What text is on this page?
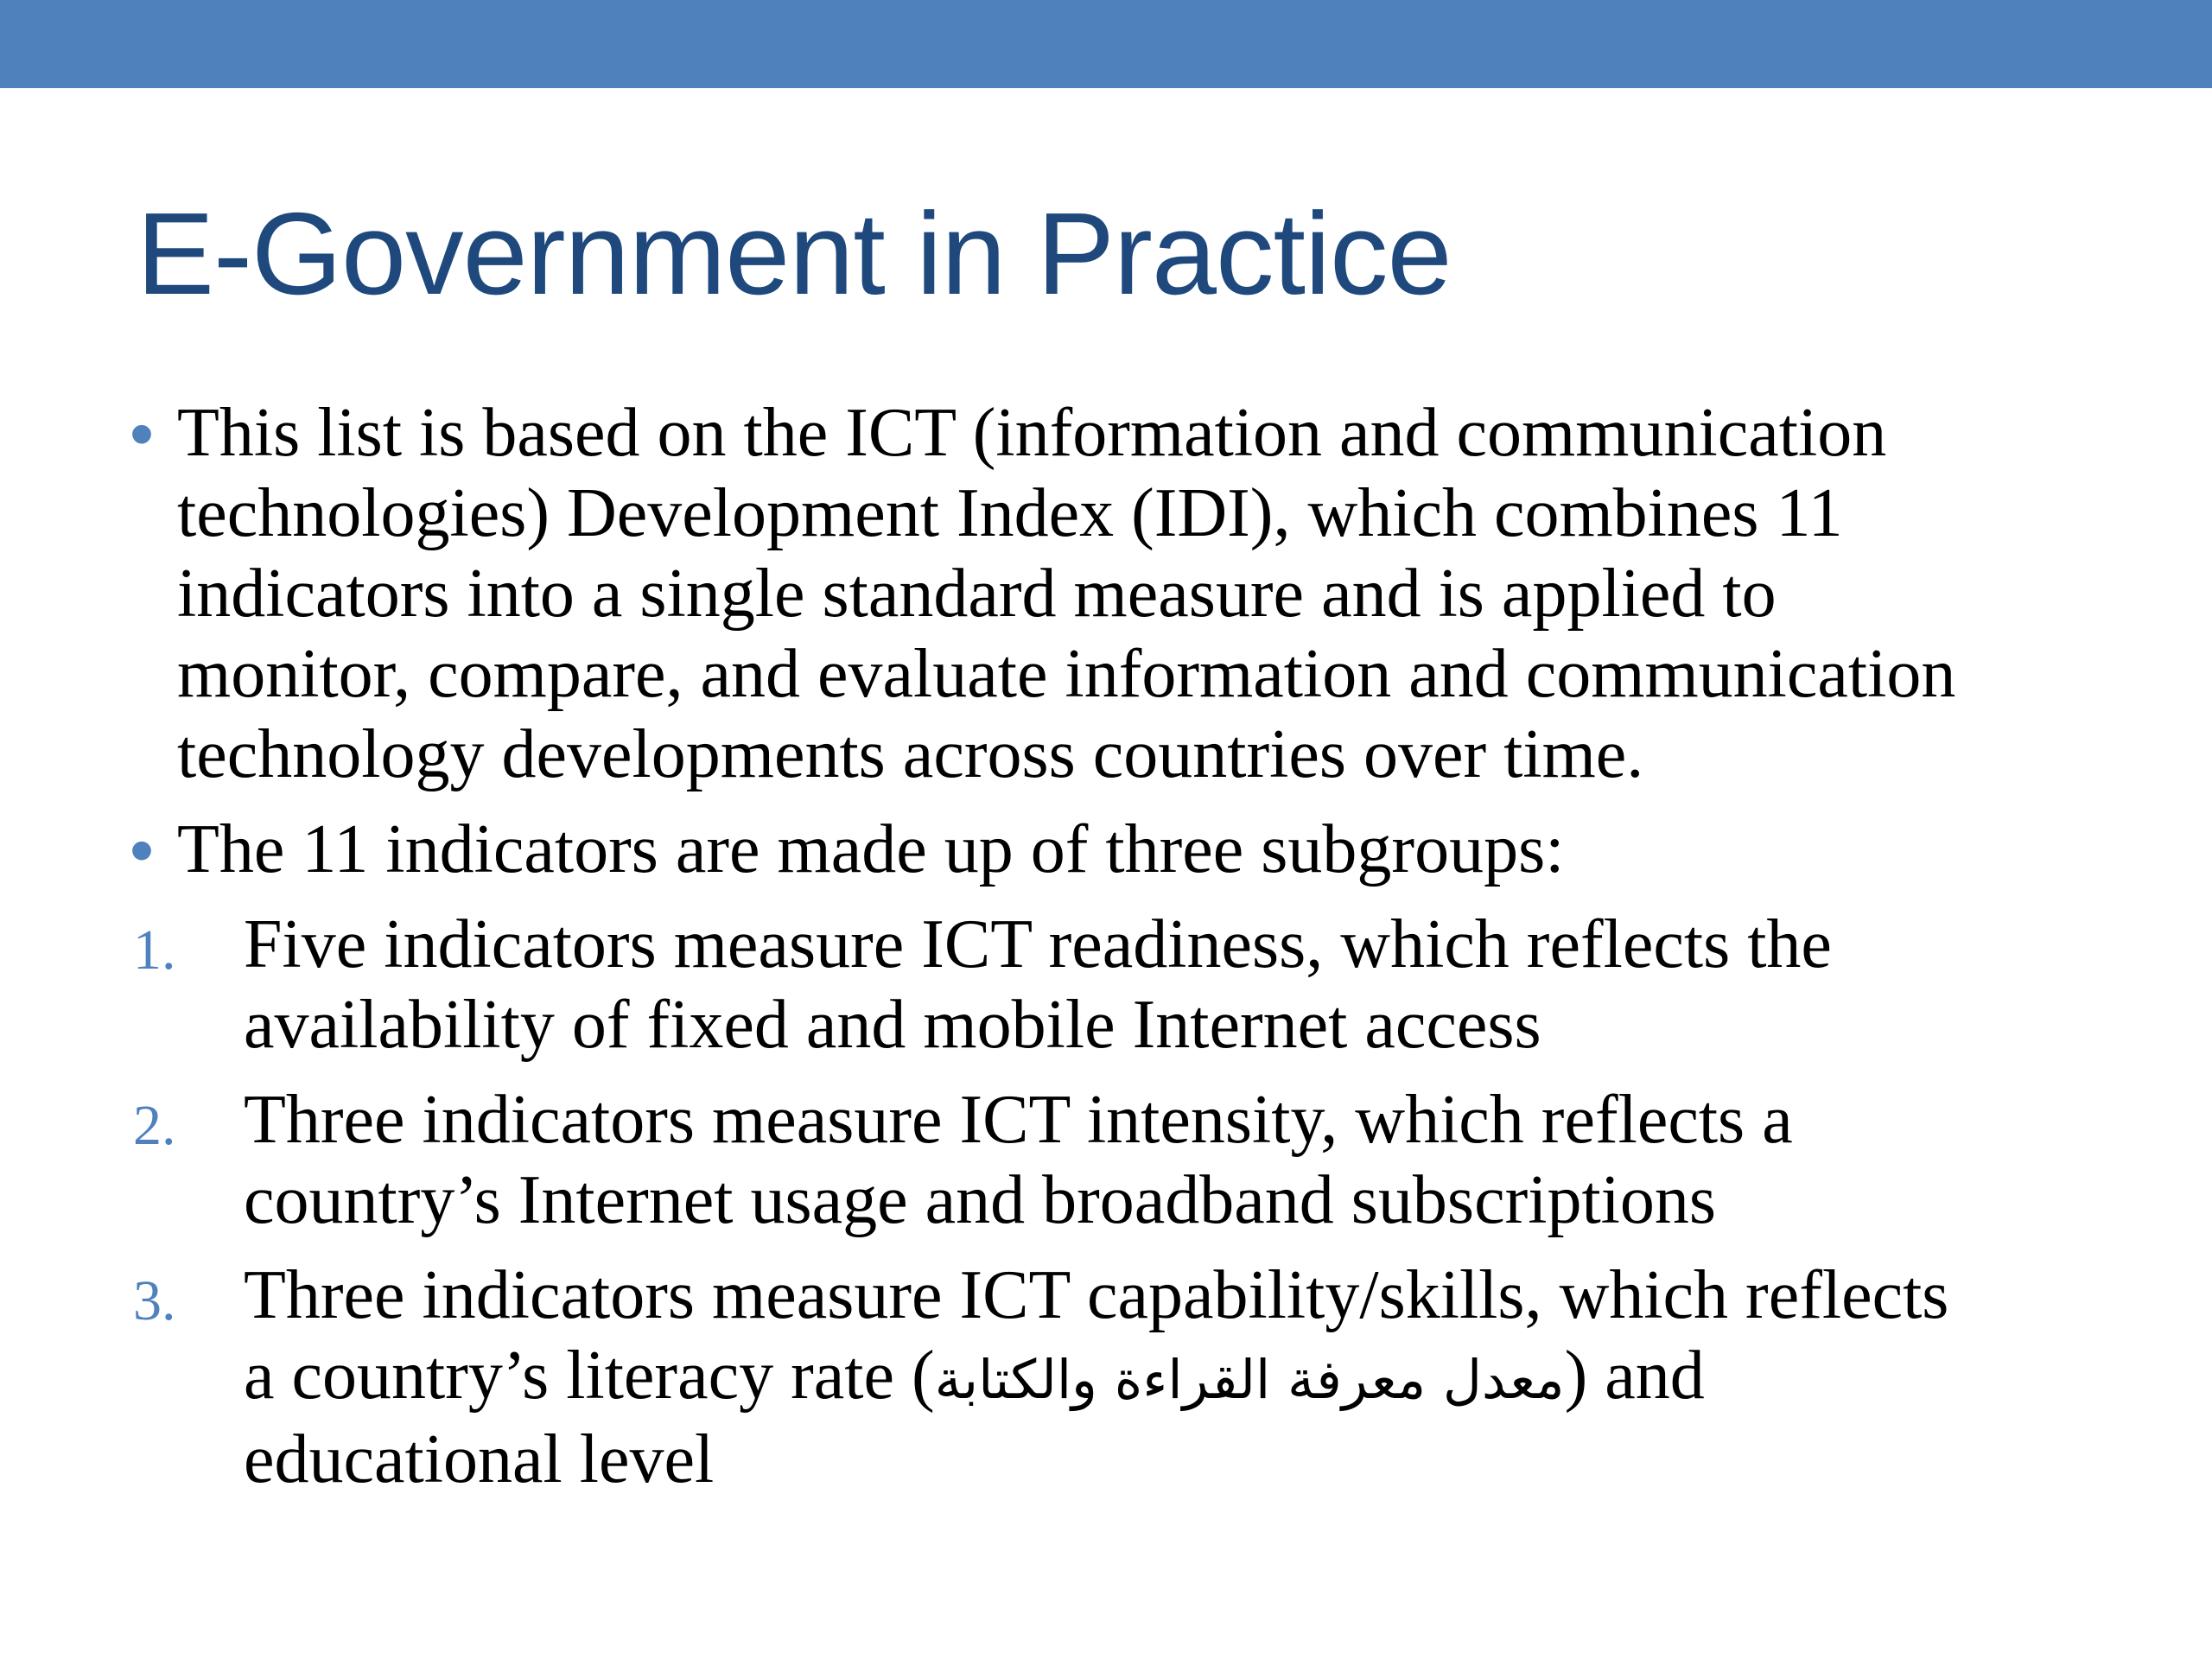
E-Government in Practice
• This list is based on the ICT (information and communication
technologies) Development Index (IDI), which combines 11
indicators into a single standard measure and is applied to
monitor, compare, and evaluate information and communication
technology developments across countries over time.
• The 11 indicators are made up of three subgroups:
1. Five indicators measure ICT readiness, which reflects the
availability of fixed and mobile Internet access
2. Three indicators measure ICT intensity, which reflects a
country’s Internet usage and broadband subscriptions
3. Three indicators measure ICT capability/skills, which reflects
a country’s literacy rate (معدل معرفة القراءة والكتابة) and
educational level
